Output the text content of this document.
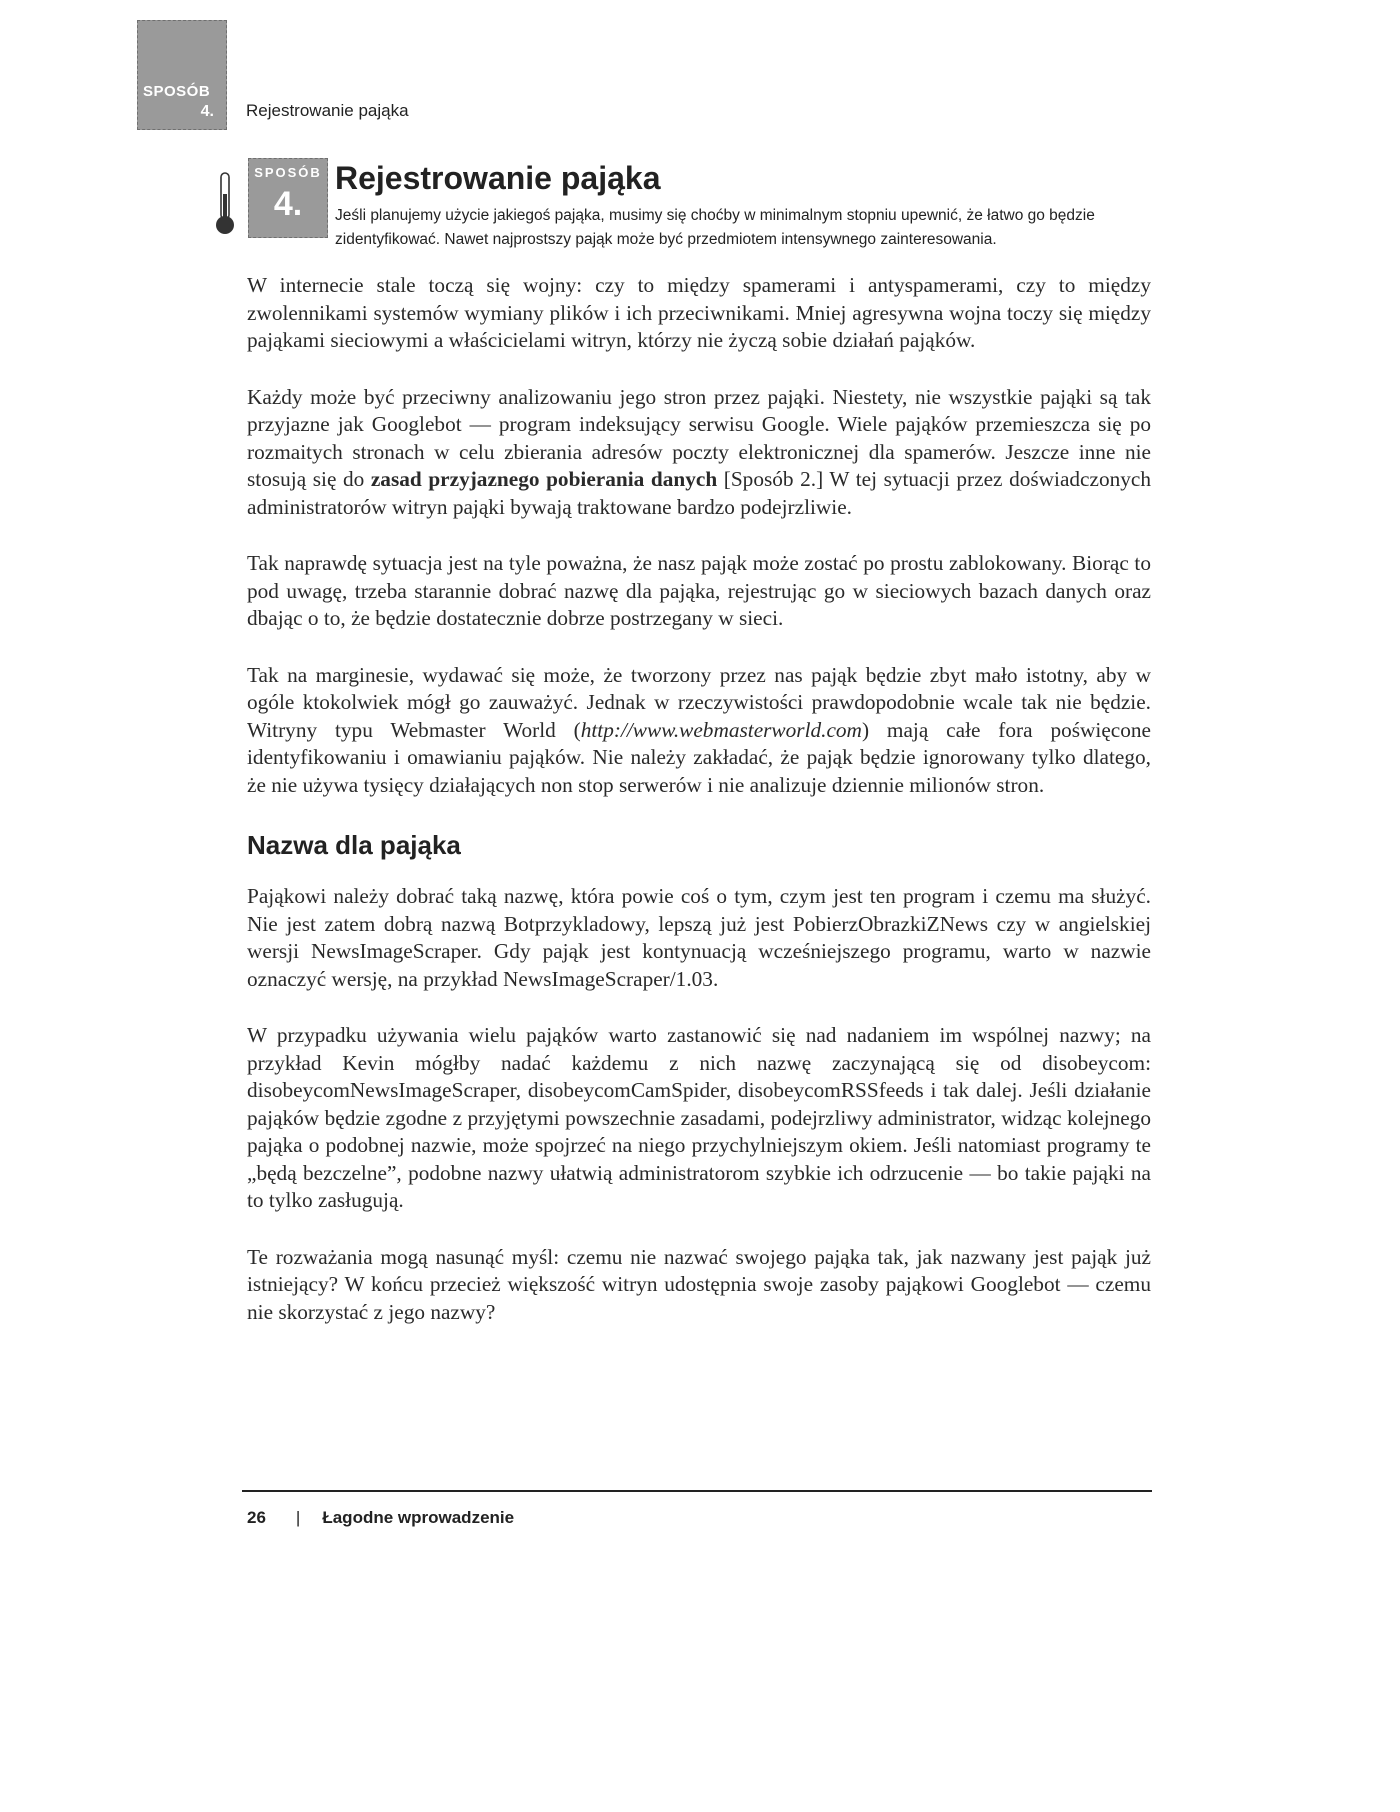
SPOSÓB
4. Rejestrowanie pająka
SPOSÓB
4.
Rejestrowanie pająka

Jeśli planujemy użycie jakiegoś pająka, musimy się choćby w minimalnym stopniu upewnić, że łatwo go będzie zidentyfikować. Nawet najprostszy pająk może być przedmiotem intensywnego zainteresowania.

W internecie stale toczą się wojny: czy to między spamerami i antyspamerami, czy to między zwolennikami systemów wymiany plików i ich przeciwnikami. Mniej agresywna wojna toczy się między pająkami sieciowymi a właścicielami witryn, którzy nie życzą sobie działań pająków.

Każdy może być przeciwny analizowaniu jego stron przez pająki. Niestety, nie wszystkie pająki są tak przyjazne jak Googlebot — program indeksujący serwisu Google. Wiele pająków przemieszcza się po rozmaitych stronach w celu zbierania adresów poczty elektronicznej dla spamerów. Jeszcze inne nie stosują się do zasad przyjaznego pobierania danych [Sposób 2.] W tej sytuacji przez doświadczonych administratorów witryn pająki bywają traktowane bardzo podejrzliwie.

Tak naprawdę sytuacja jest na tyle poważna, że nasz pająk może zostać po prostu zablokowany. Biorąc to pod uwagę, trzeba starannie dobrać nazwę dla pająka, rejestrując go w sieciowych bazach danych oraz dbając o to, że będzie dostatecznie dobrze postrzegany w sieci.

Tak na marginesie, wydawać się może, że tworzony przez nas pająk będzie zbyt mało istotny, aby w ogóle ktokolwiek mógł go zauważyć. Jednak w rzeczywistości prawdopodobnie wcale tak nie będzie. Witryny typu Webmaster World (http://www.webmasterworld.com) mają całe fora poświęcone identyfikowaniu i omawianiu pająków. Nie należy zakładać, że pająk będzie ignorowany tylko dlatego, że nie używa tysięcy działających non stop serwerów i nie analizuje dziennie milionów stron.

Nazwa dla pająka

Pająkowi należy dobrać taką nazwę, która powie coś o tym, czym jest ten program i czemu ma służyć. Nie jest zatem dobrą nazwą Botprzykladowy, lepszą już jest PobierzObrazkiZNews czy w angielskiej wersji NewsImageScraper. Gdy pająk jest kontynuacją wcześniejszego programu, warto w nazwie oznaczyć wersję, na przykład NewsImageScraper/1.03.

W przypadku używania wielu pająków warto zastanowić się nad nadaniem im wspólnej nazwy; na przykład Kevin mógłby nadać każdemu z nich nazwę zaczynającą się od disobeycom: disobeycomNewsImageScraper, disobeycomCamSpider, disobeycomRSSfeeds i tak dalej. Jeśli działanie pająków będzie zgodne z przyjętymi powszechnie zasadami, podejrzliwy administrator, widząc kolejnego pająka o podobnej nazwie, może spojrzeć na niego przychylniejszym okiem. Jeśli natomiast programy te „będą bezczelne”, podobne nazwy ułatwią administratorom szybkie ich odrzucenie — bo takie pająki na to tylko zasługują.

Te rozważania mogą nasunąć myśl: czemu nie nazwać swojego pająka tak, jak nazwany jest pająk już istniejący? W końcu przecież większość witryn udostępnia swoje zasoby pająkowi Googlebot — czemu nie skorzystać z jego nazwy?

26 | Łagodne wprowadzenie
